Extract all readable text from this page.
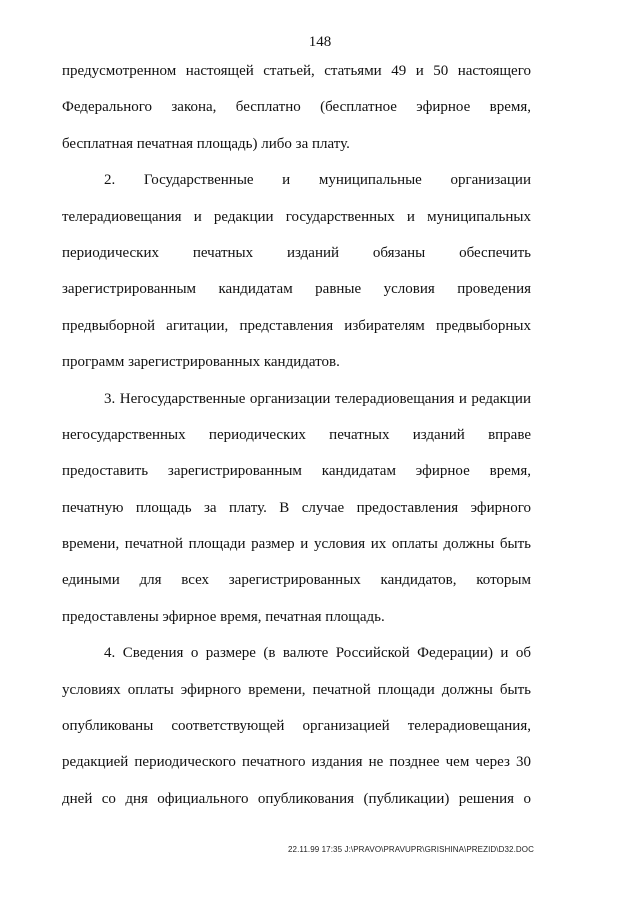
148
предусмотренном настоящей статьей, статьями 49 и 50 настоящего
Федерального закона, бесплатно (бесплатное эфирное время,
бесплатная печатная площадь) либо за плату.
2. Государственные и муниципальные организации
телерадиовещания и редакции государственных и муниципальных
периодических печатных изданий обязаны обеспечить
зарегистрированным кандидатам равные условия проведения
предвыборной агитации, представления избирателям предвыборных
программ зарегистрированных кандидатов.
3. Негосударственные организации телерадиовещания и редакции
негосударственных периодических печатных изданий вправе
предоставить зарегистрированным кандидатам эфирное время,
печатную площадь за плату. В случае предоставления эфирного
времени, печатной площади размер и условия их оплаты должны быть
едиными для всех зарегистрированных кандидатов, которым
предоставлены эфирное время, печатная площадь.
4. Сведения о размере (в валюте Российской Федерации) и об
условиях оплаты эфирного времени, печатной площади должны быть
опубликованы соответствующей организацией телерадиовещания,
редакцией периодического печатного издания не позднее чем через 30
дней со дня официального опубликования (публикации) решения о
22.11.99 17:35 J:\PRAVO\PRAVUPR\GRISHINA\PREZID\D32.DOC
